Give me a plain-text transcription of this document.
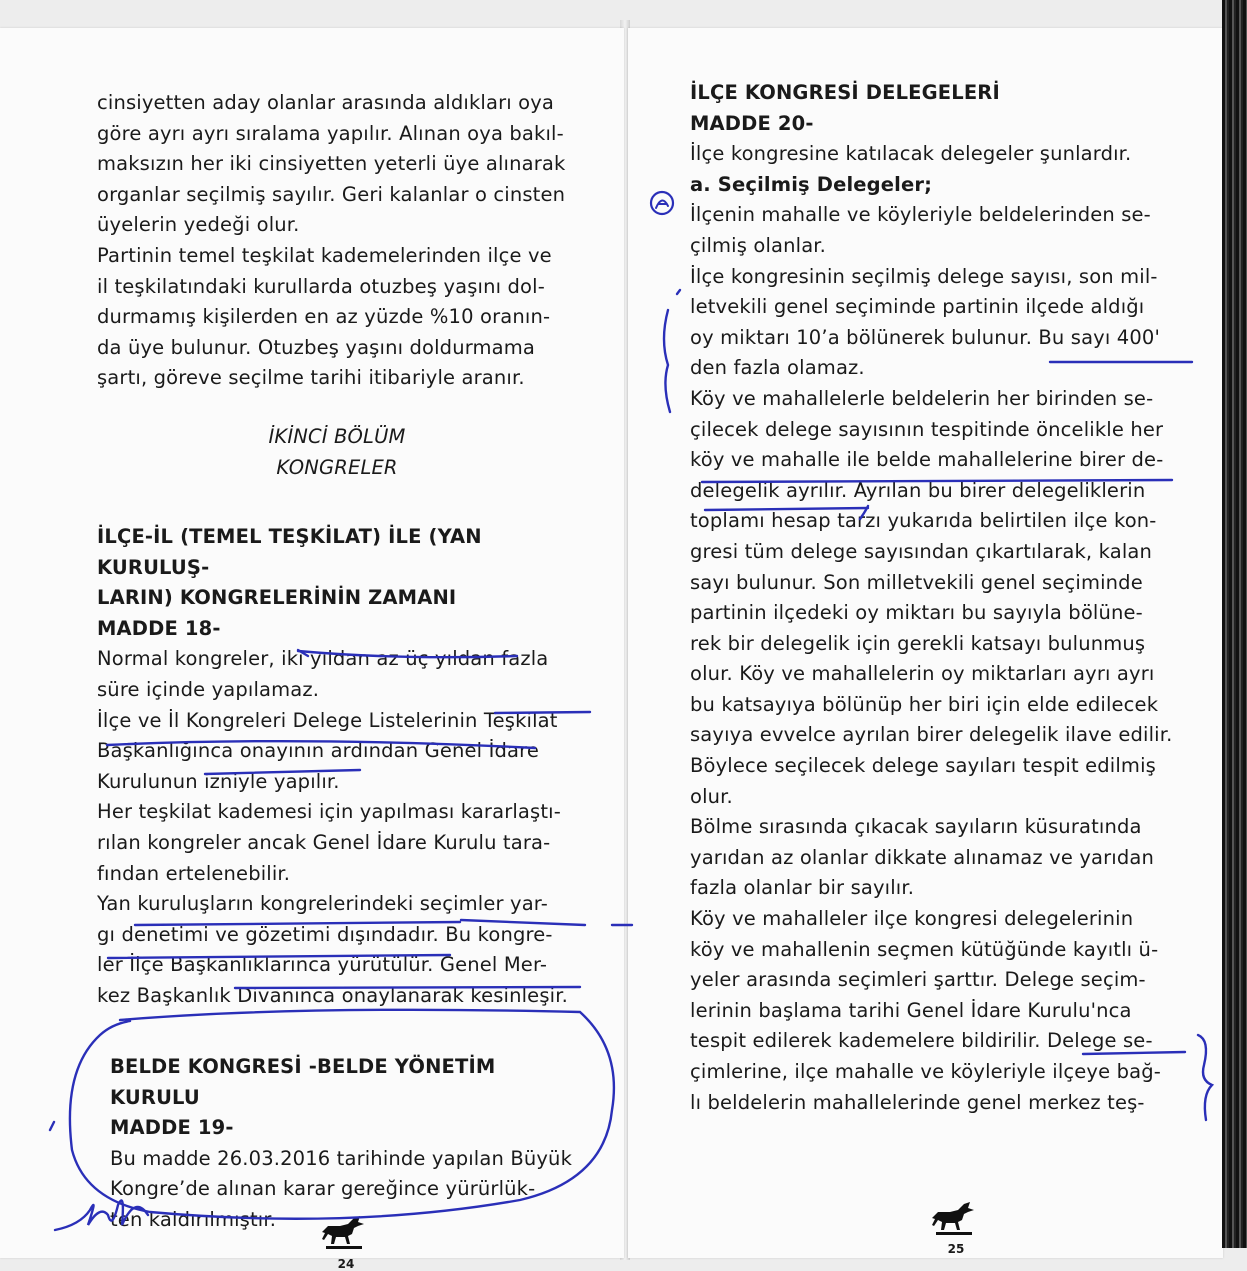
cinsiyetten aday olanlar arasında aldıkları oya

göre ayrı ayrı sıralama yapılır. Alınan oya bakıl-

maksızın her iki cinsiyetten yeterli üye alınarak

organlar seçilmiş sayılır. Geri kalanlar o cinsten

üyelerin yedeği olur.

Partinin temel teşkilat kademelerinden ilçe ve

il teşkilatındaki kurullarda otuzbeş yaşını dol-

durmamış kişilerden en az yüzde %10 oranın-

da üye bulunur. Otuzbeş yaşını doldurmama

şartı, göreve seçilme tarihi itibariyle aranır.

İKİNCİ BÖLÜM

KONGRELER

İLÇE-İL (TEMEL TEŞKİLAT) İLE (YAN KURULUŞ-

LARIN) KONGRELERİNİN ZAMANI

MADDE 18-

Normal kongreler, iki yıldan az üç yıldan fazla

süre içinde yapılamaz.

İlçe ve İl Kongreleri Delege Listelerinin Teşkilat

Başkanlığınca onayının ardından Genel İdare

Kurulunun izniyle yapılır.

Her teşkilat kademesi için yapılması kararlaştı-

rılan kongreler ancak Genel İdare Kurulu tara-

fından ertelenebilir.

Yan kuruluşların kongrelerindeki seçimler yar-

gı denetimi ve gözetimi dışındadır. Bu kongre-

ler İlçe Başkanlıklarınca yürütülür. Genel Mer-

kez Başkanlık Divanınca onaylanarak kesinleşir.

BELDE KONGRESİ -BELDE YÖNETİM KURULU

MADDE 19-

Bu madde 26.03.2016 tarihinde yapılan Büyük

Kongre’de alınan karar gereğince yürürlük-

ten kaldırılmıştır.

24

İLÇE KONGRESİ DELEGELERİ

MADDE 20-

İlçe kongresine katılacak delegeler şunlardır.

a. Seçilmiş Delegeler;

İlçenin mahalle ve köyleriyle beldelerinden se-

çilmiş olanlar.

İlçe kongresinin seçilmiş delege sayısı, son mil-

letvekili genel seçiminde partinin ilçede aldığı

oy miktarı 10’a bölünerek bulunur. Bu sayı 400'

den fazla olamaz.

Köy ve mahallelerle beldelerin her birinden se-

çilecek delege sayısının tespitinde öncelikle her

köy ve mahalle ile belde mahallelerine birer de-

delegelik ayrılır. Ayrılan bu birer delegeliklerin

toplamı hesap tarzı yukarıda belirtilen ilçe kon-

gresi tüm delege sayısından çıkartılarak, kalan

sayı bulunur. Son milletvekili genel seçiminde

partinin ilçedeki oy miktarı bu sayıyla bölüne-

rek bir delegelik için gerekli katsayı bulunmuş

olur. Köy ve mahallelerin oy miktarları ayrı ayrı

bu katsayıya bölünüp her biri için elde edilecek

sayıya evvelce ayrılan birer delegelik ilave edilir.

Böylece seçilecek delege sayıları tespit edilmiş

olur.

Bölme sırasında çıkacak sayıların küsuratında

yarıdan az olanlar dikkate alınamaz ve yarıdan

fazla olanlar bir sayılır.

Köy ve mahalleler ilçe kongresi delegelerinin

köy ve mahallenin seçmen kütüğünde kayıtlı ü-

yeler arasında seçimleri şarttır. Delege seçim-

lerinin başlama tarihi Genel İdare Kurulu'nca

tespit edilerek kademelere bildirilir. Delege se-

çimlerine, ilçe mahalle ve köyleriyle ilçeye bağ-

lı beldelerin mahallelerinde genel merkez teş-

25
